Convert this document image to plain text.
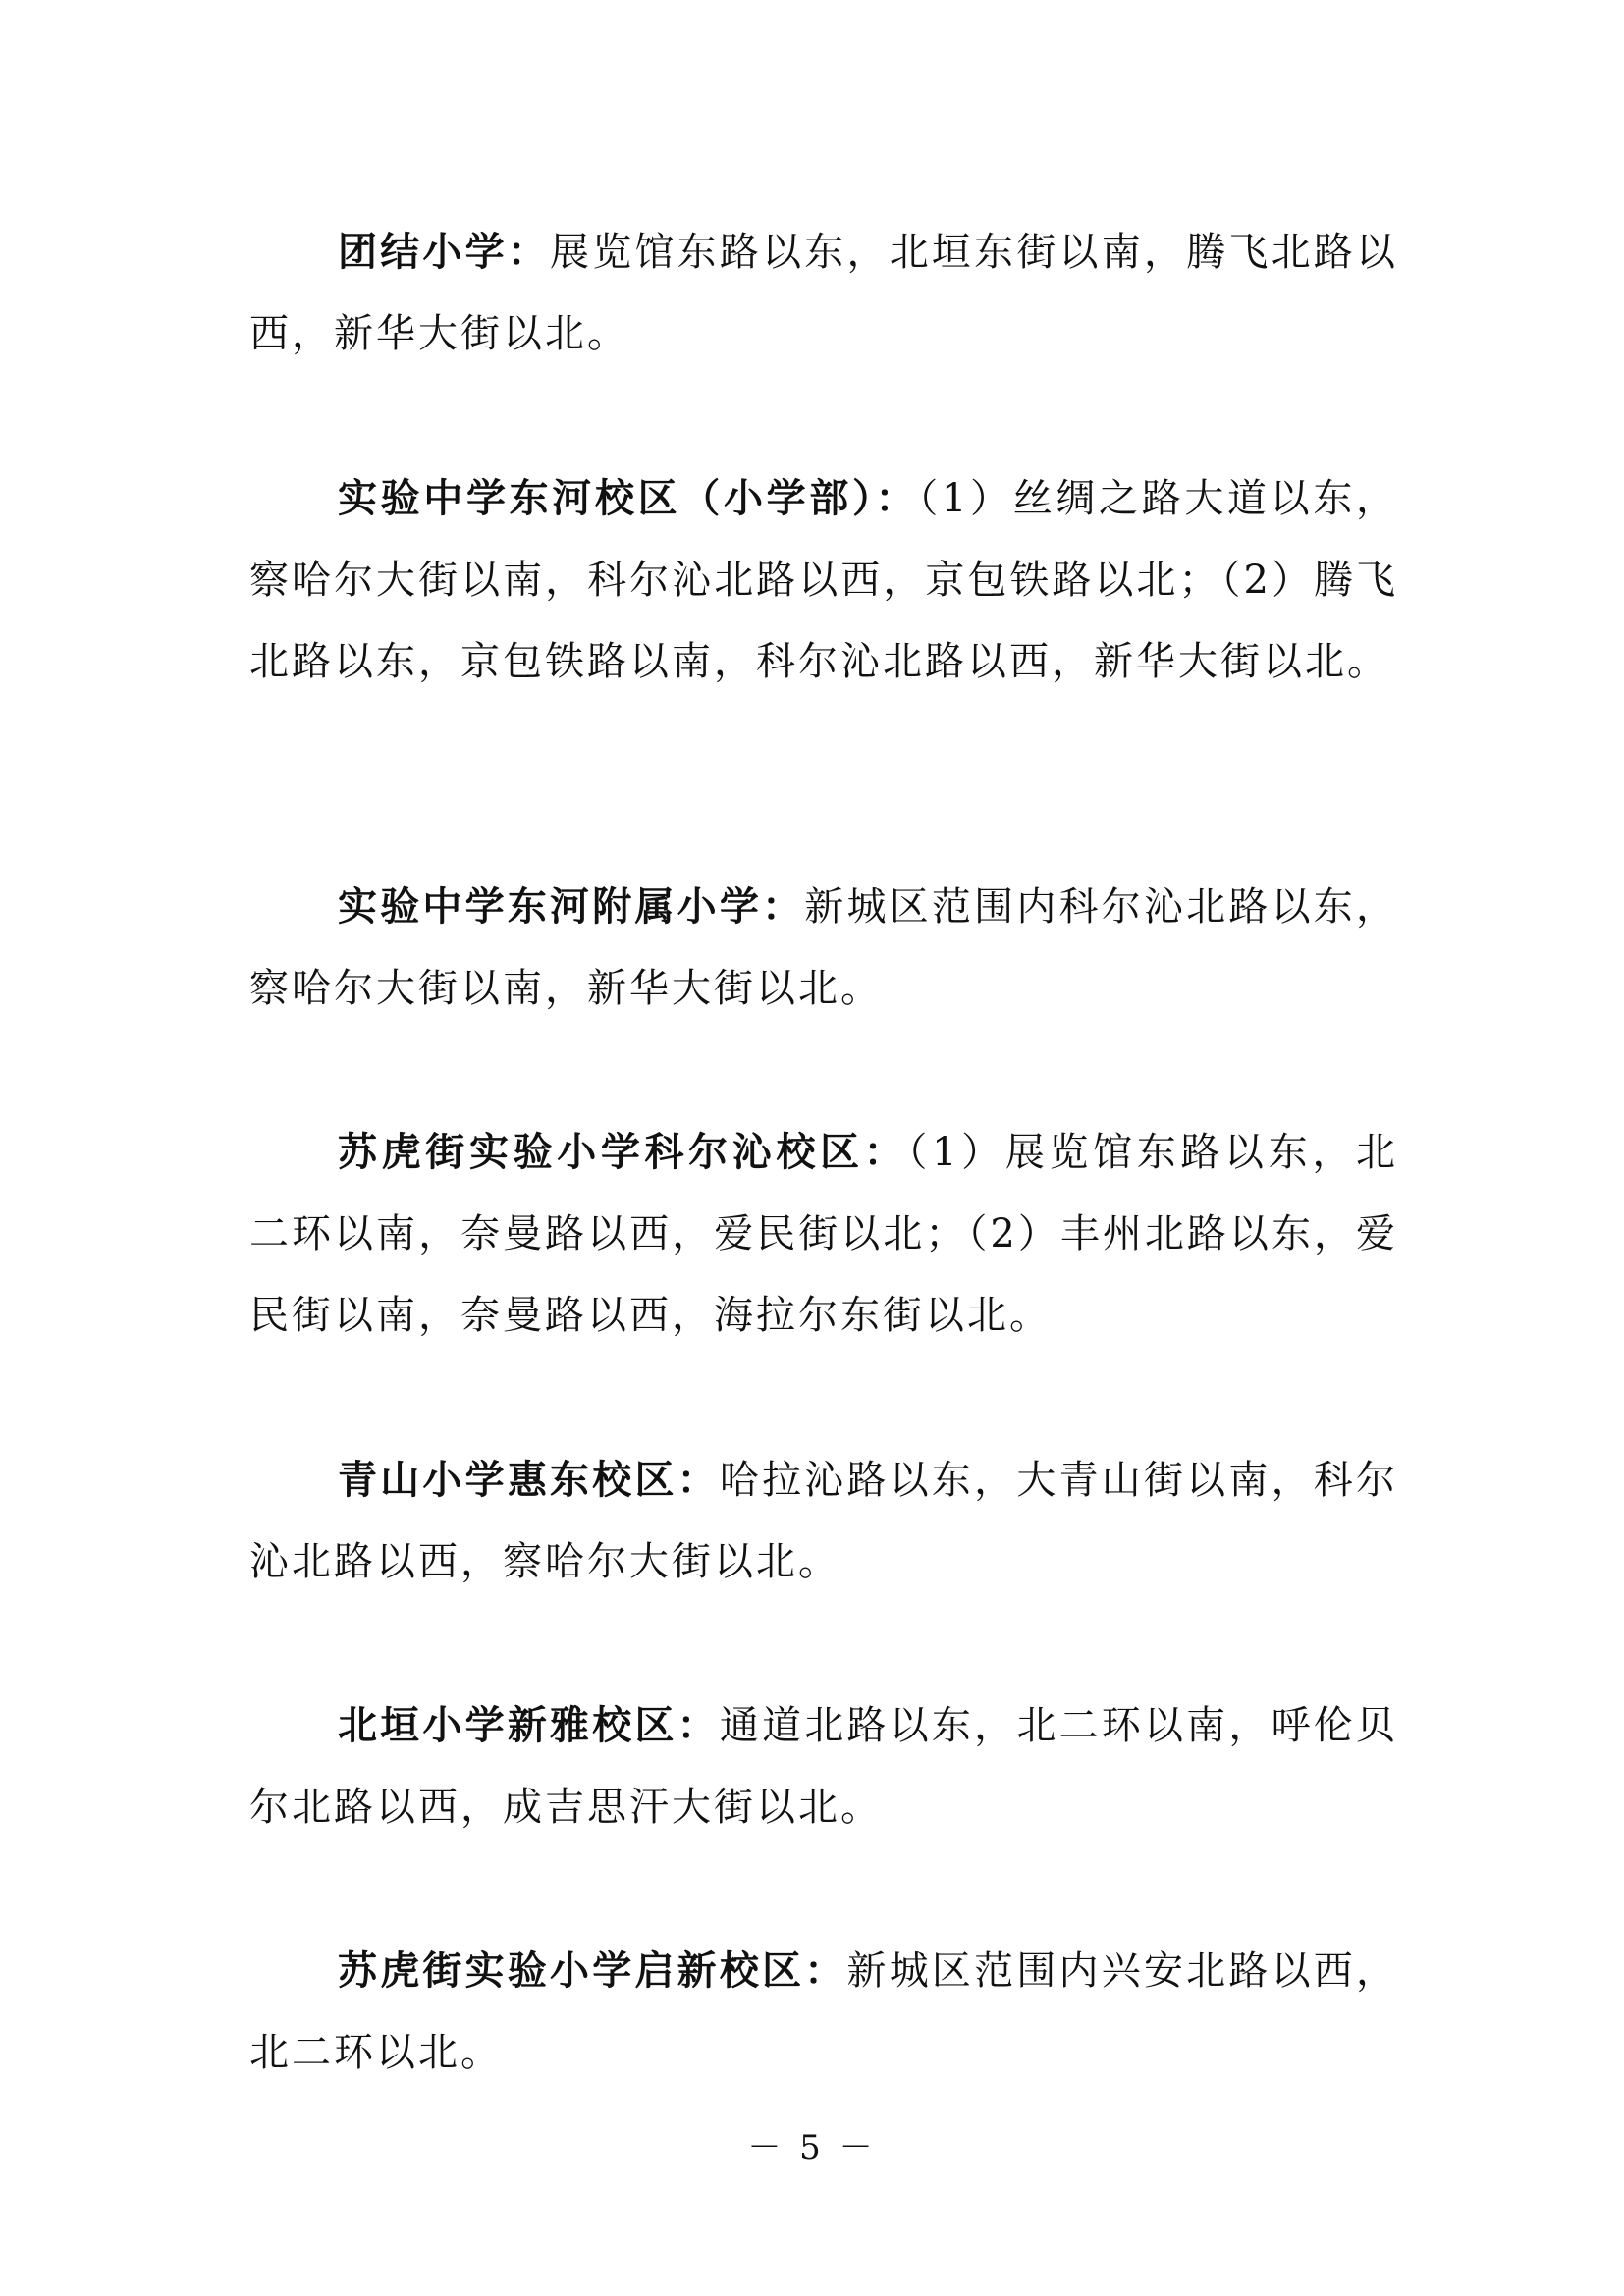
团结小学：展览馆东路以东，北垣东街以南，腾飞北路以西，新华大街以北。

实验中学东河校区（小学部）：（1）丝绸之路大道以东，察哈尔大街以南，科尔沁北路以西，京包铁路以北；（2）腾飞北路以东，京包铁路以南，科尔沁北路以西，新华大街以北。

实验中学东河附属小学：新城区范围内科尔沁北路以东，察哈尔大街以南，新华大街以北。

苏虎街实验小学科尔沁校区：（1）展览馆东路以东，北二环以南，奈曼路以西，爱民街以北；（2）丰州北路以东，爱民街以南，奈曼路以西，海拉尔东街以北。

青山小学惠东校区：哈拉沁路以东，大青山街以南，科尔沁北路以西，察哈尔大街以北。

北垣小学新雅校区：通道北路以东，北二环以南，呼伦贝尔北路以西，成吉思汗大街以北。

苏虎街实验小学启新校区：新城区范围内兴安北路以西，北二环以北。

－ 5 －
